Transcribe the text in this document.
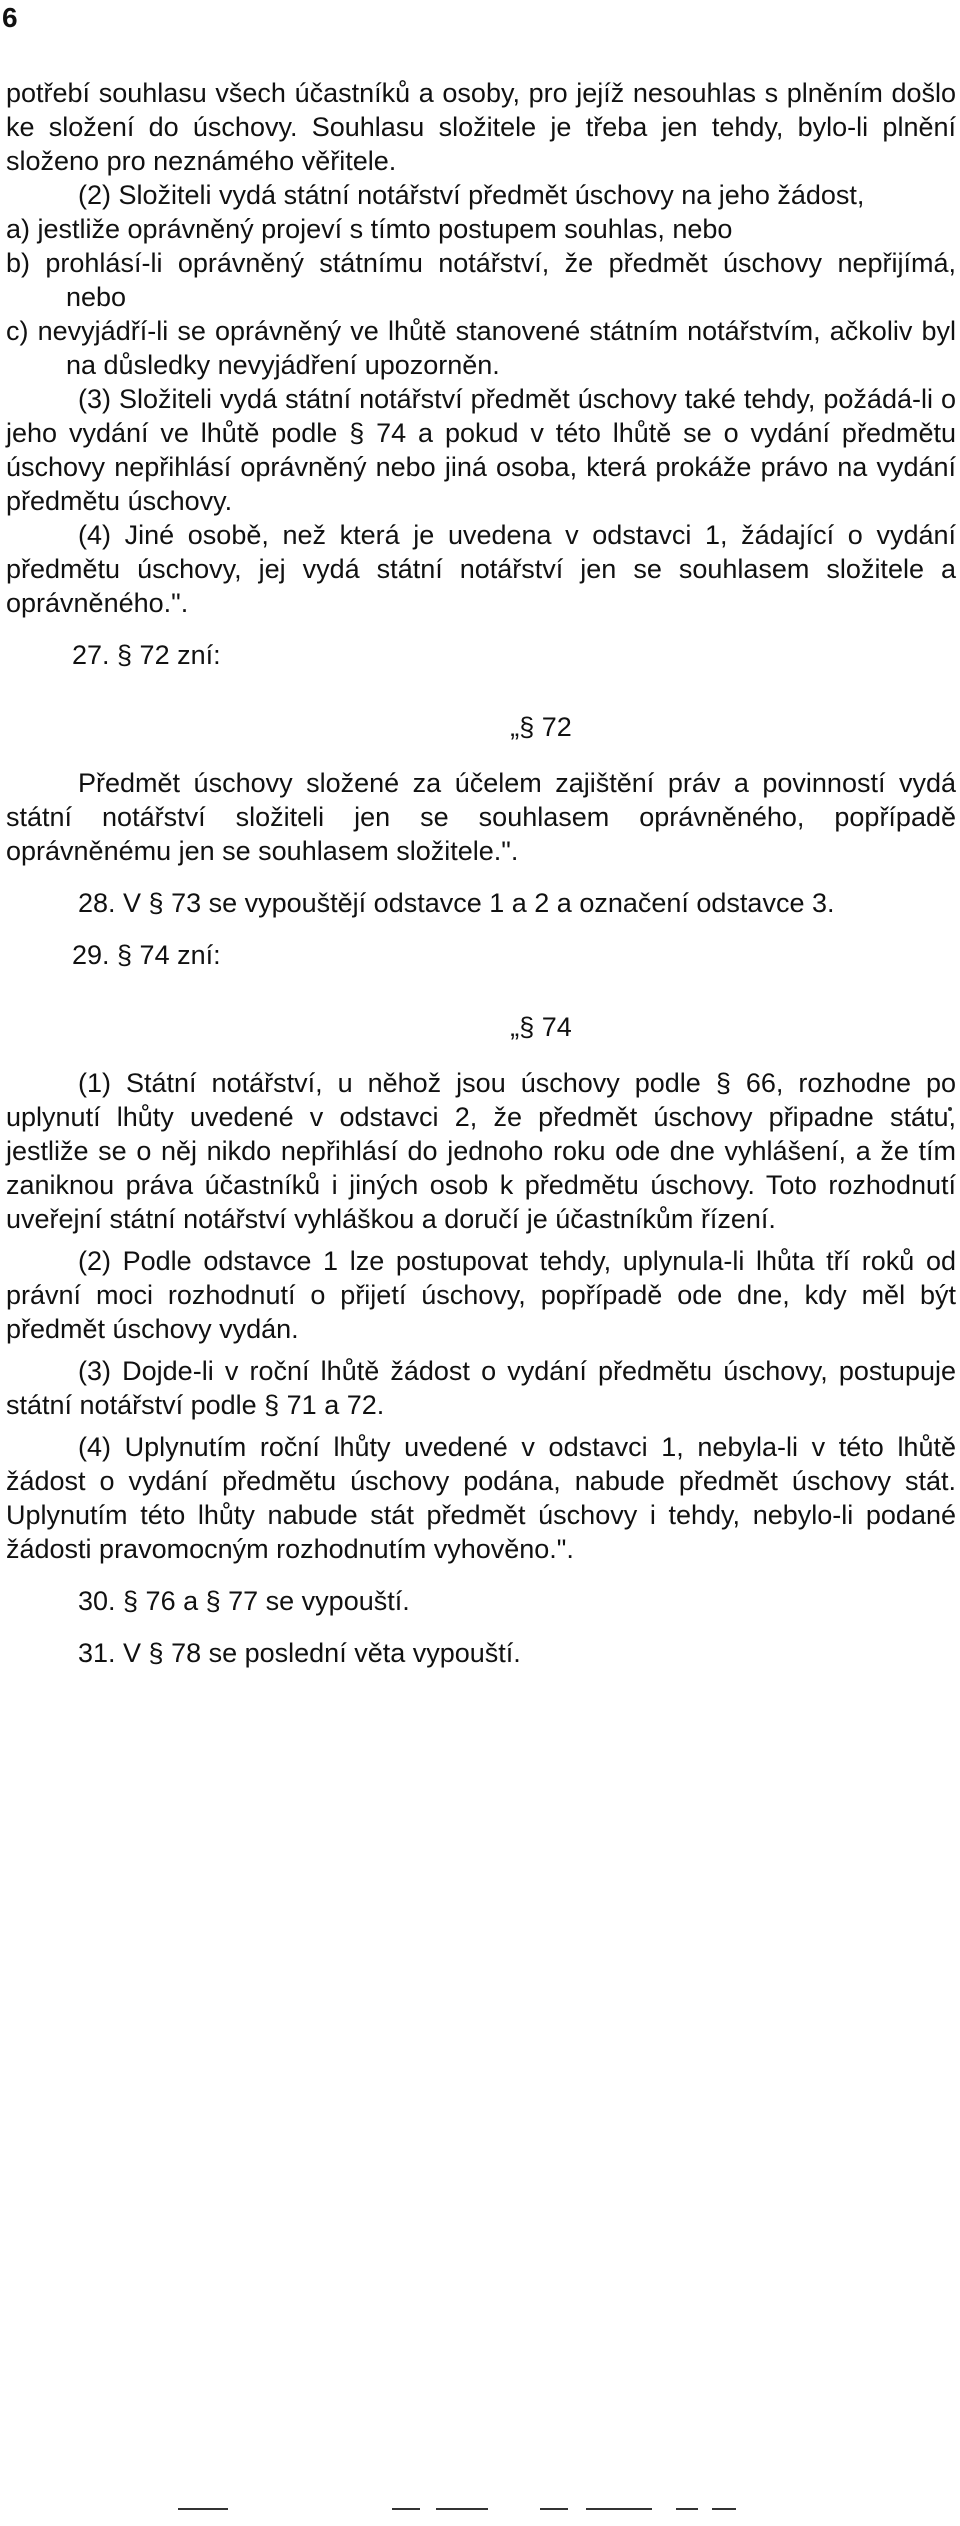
6

potřebí souhlasu všech účastníků a osoby, pro jejíž nesouhlas s plněním došlo ke složení do úschovy. Souhlasu složitele je třeba jen tehdy, bylo-li plnění složeno pro neznámého věřitele.

(2) Složiteli vydá státní notářství předmět úschovy na jeho žádost,

a) jestliže oprávněný projeví s tímto postupem souhlas, nebo

b) prohlásí-li oprávněný státnímu notářství, že předmět úschovy nepřijímá, nebo

c) nevyjádří-li se oprávněný ve lhůtě stanovené státním notářstvím, ačkoliv byl na důsledky nevyjádření upozorněn.

(3) Složiteli vydá státní notářství předmět úschovy také tehdy, požádá-li o jeho vydání ve lhůtě podle § 74 a pokud v této lhůtě se o vydání předmětu úschovy nepřihlásí oprávněný nebo jiná osoba, která prokáže právo na vydání předmětu úschovy.

(4) Jiné osobě, než která je uvedena v odstavci 1, žádající o vydání předmětu úschovy, jej vydá státní notářství jen se souhlasem složitele a oprávněného.".

27. § 72 zní:

„§ 72

Předmět úschovy složené za účelem zajištění práv a povinností vydá státní notářství složiteli jen se souhlasem oprávněného, popřípadě oprávněnému jen se souhlasem složitele.".

28. V § 73 se vypouštějí odstavce 1 a 2 a označení odstavce 3.

29. § 74 zní:

„§ 74

(1) Státní notářství, u něhož jsou úschovy podle § 66, rozhodne po uplynutí lhůty uvedené v odstavci 2, že předmět úschovy připadne státu, jestliže se o něj nikdo nepřihlásí do jednoho roku ode dne vyhlášení, a že tím zaniknou práva účastníků i jiných osob k předmětu úschovy. Toto rozhodnutí uveřejní státní notářství vyhláškou a doručí je účastníkům řízení.

(2) Podle odstavce 1 lze postupovat tehdy, uplynula-li lhůta tří roků od právní moci rozhodnutí o přijetí úschovy, popřípadě ode dne, kdy měl být předmět úschovy vydán.

(3) Dojde-li v roční lhůtě žádost o vydání předmětu úschovy, postupuje státní notářství podle § 71 a 72.

(4) Uplynutím roční lhůty uvedené v odstavci 1, nebyla-li v této lhůtě žádost o vydání předmětu úschovy podána, nabude předmět úschovy stát. Uplynutím této lhůty nabude stát předmět úschovy i tehdy, nebylo-li podané žádosti pravomocným rozhodnutím vyhověno.".

30. § 76 a § 77 se vypouští.

31. V § 78 se poslední věta vypouští.
